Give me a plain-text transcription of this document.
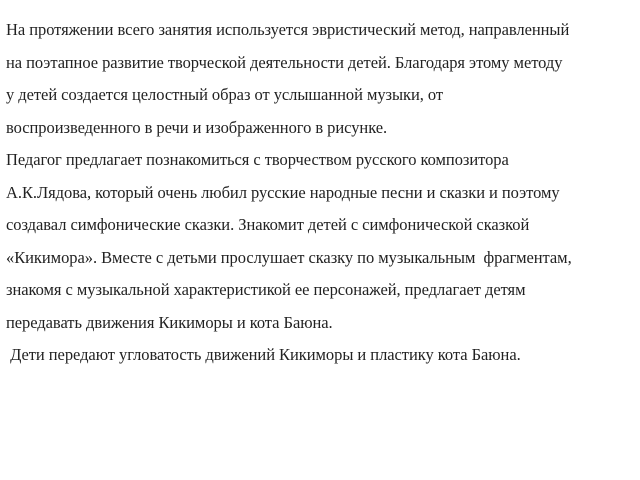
На протяжении всего занятия используется эвристический метод, направленный
на поэтапное развитие творческой деятельности детей. Благодаря этому методу
у детей создается целостный образ от услышанной музыки, от
воспроизведенного в речи и изображенного в рисунке.
Педагог предлагает познакомиться с творчеством русского композитора
А.К.Лядова, который очень любил русские народные песни и сказки и поэтому
создавал симфонические сказки. Знакомит детей с симфонической сказкой
«Кикимора». Вместе с детьми прослушает сказку по музыкальным  фрагментам,
знакомя с музыкальной характеристикой ее персонажей, предлагает детям
передавать движения Кикиморы и кота Баюна.
Дети передают угловатость движений Кикиморы и пластику кота Баюна.
